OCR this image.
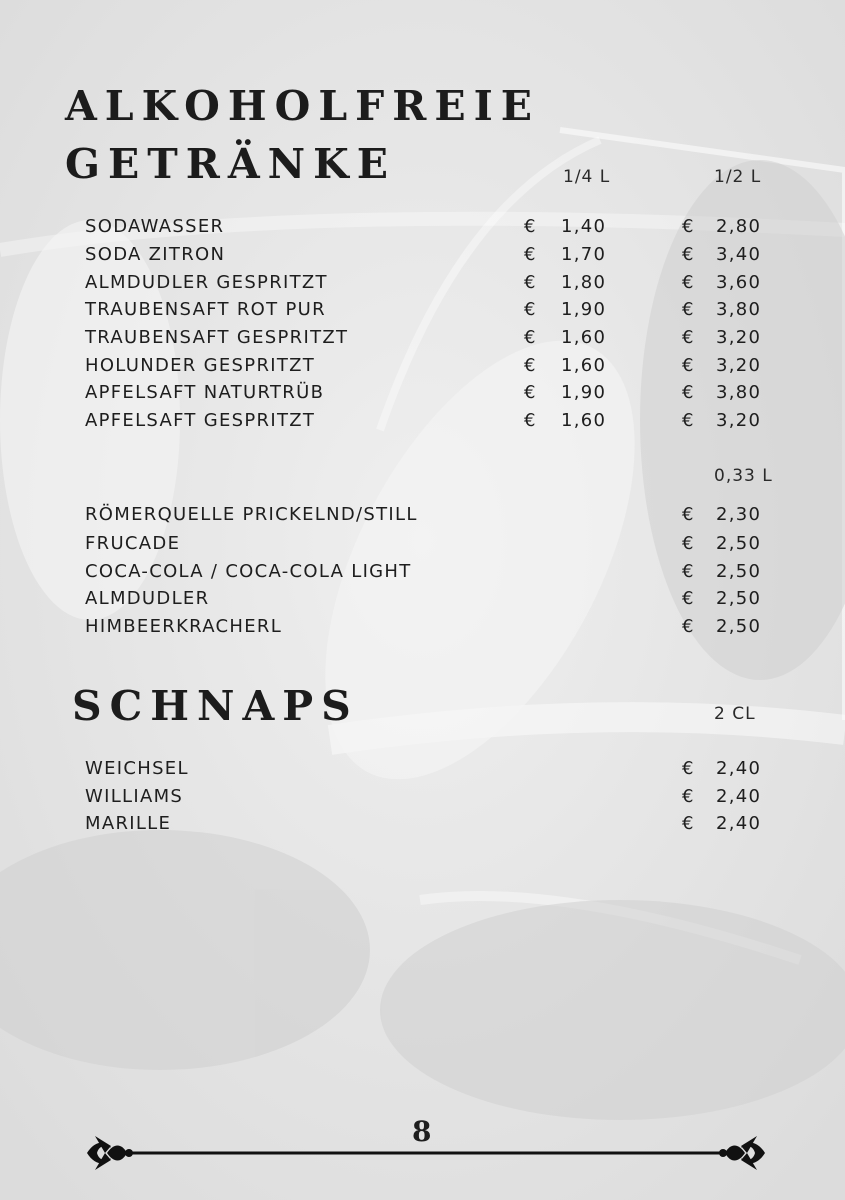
ALKOHOLFREIE
GETRÄNKE	1/4 L	1/2 L
SODAWASSER	€ 1,40	€ 2,80
SODA ZITRON	€ 1,70	€ 3,40
ALMDUDLER GESPRITZT	€ 1,80	€ 3,60
TRAUBENSAFT ROT PUR	€ 1,90	€ 3,80
TRAUBENSAFT GESPRITZT	€ 1,60	€ 3,20
HOLUNDER GESPRITZT	€ 1,60	€ 3,20
APFELSAFT NATURTRÜB	€ 1,90	€ 3,80
APFELSAFT GESPRITZT	€ 1,60	€ 3,20
0,33 L
RÖMERQUELLE PRICKELND/STILL	€ 2,30
FRUCADE	€ 2,50
COCA-COLA / COCA-COLA LIGHT	€ 2,50
ALMDUDLER	€ 2,50
HIMBEERKRACHERL	€ 2,50
SCHNAPS	2 CL
WEICHSEL	€ 2,40
WILLIAMS	€ 2,40
MARILLE	€ 2,40
8
